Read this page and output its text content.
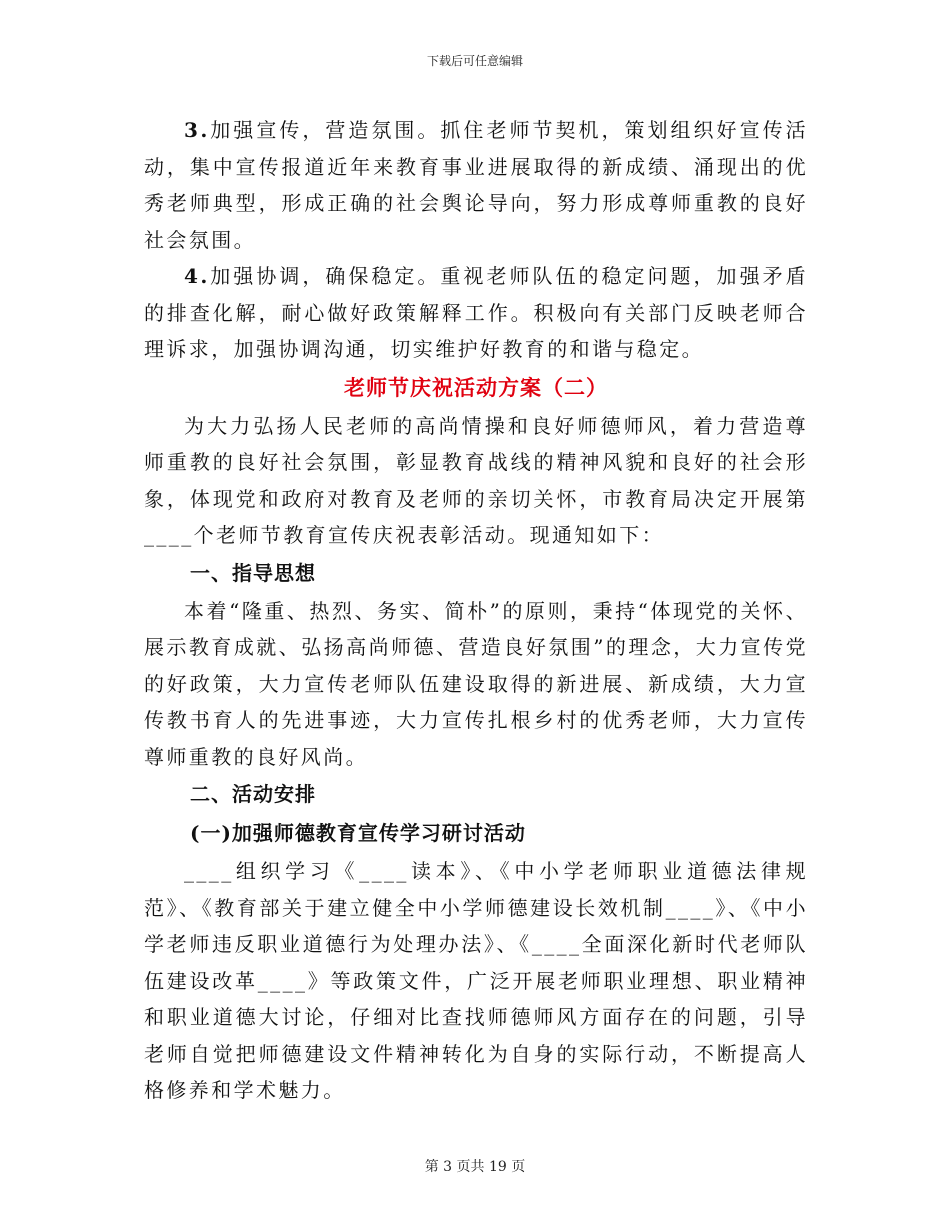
下载后可任意编辑

3.加强宣传，营造氛围。抓住老师节契机，策划组织好宣传活动，集中宣传报道近年来教育事业进展取得的新成绩、涌现出的优秀老师典型，形成正确的社会舆论导向，努力形成尊师重教的良好社会氛围。

4.加强协调，确保稳定。重视老师队伍的稳定问题，加强矛盾的排查化解，耐心做好政策解释工作。积极向有关部门反映老师合理诉求，加强协调沟通，切实维护好教育的和谐与稳定。

老师节庆祝活动方案（二）

为大力弘扬人民老师的高尚情操和良好师德师风，着力营造尊师重教的良好社会氛围，彰显教育战线的精神风貌和良好的社会形象，体现党和政府对教育及老师的亲切关怀，市教育局决定开展第____个老师节教育宣传庆祝表彰活动。现通知如下：

一、指导思想

本着“隆重、热烈、务实、简朴”的原则，秉持“体现党的关怀、展示教育成就、弘扬高尚师德、营造良好氛围”的理念，大力宣传党的好政策，大力宣传老师队伍建设取得的新进展、新成绩，大力宣传教书育人的先进事迹，大力宣传扎根乡村的优秀老师，大力宣传尊师重教的良好风尚。

二、活动安排
(一)加强师德教育宣传学习研讨活动

____组织学习《____读本》、《中小学老师职业道德法律规范》、《教育部关于建立健全中小学师德建设长效机制____》、《中小学老师违反职业道德行为处理办法》、《____全面深化新时代老师队伍建设改革____》等政策文件，广泛开展老师职业理想、职业精神和职业道德大讨论，仔细对比查找师德师风方面存在的问题，引导老师自觉把师德建设文件精神转化为自身的实际行动，不断提高人格修养和学术魅力。

第 3 页共 19 页
